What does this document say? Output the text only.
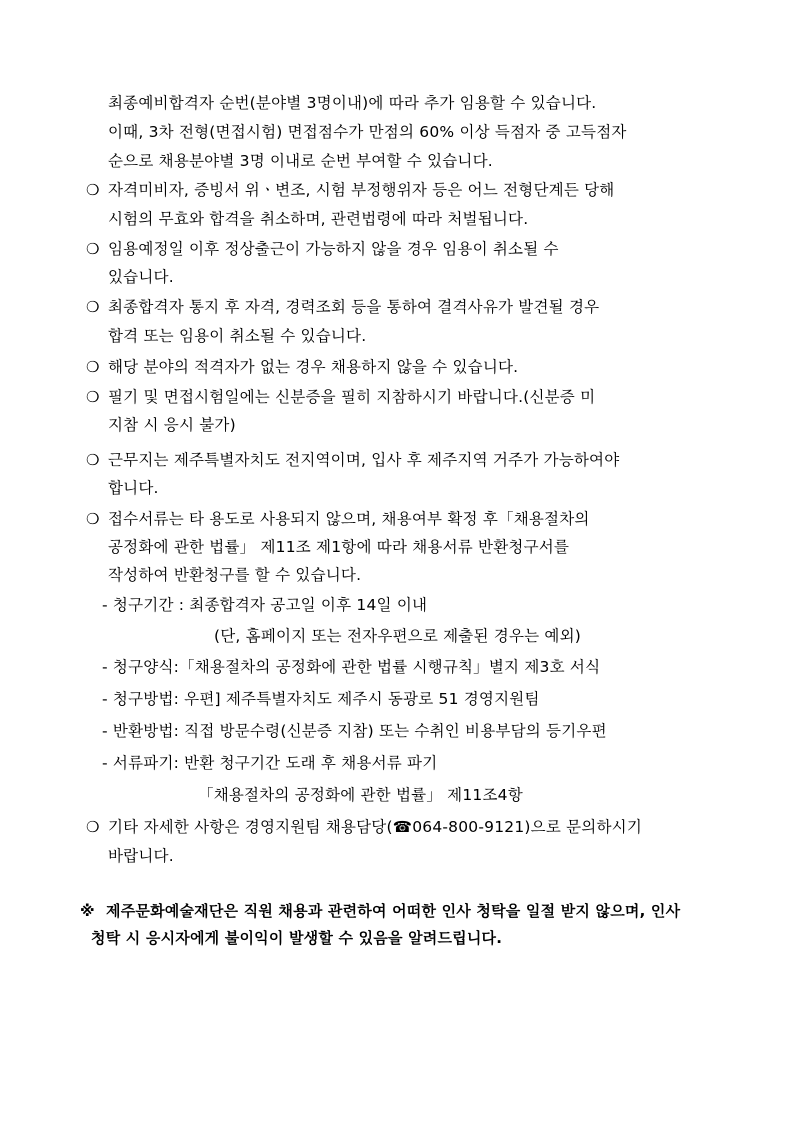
최종예비합격자 순번(분야별 3명이내)에 따라 추가 임용할 수 있습니다.
이때, 3차 전형(면접시험) 면접점수가 만점의 60% 이상 득점자 중 고득점자
순으로 채용분야별 3명 이내로 순번 부여할 수 있습니다.
❍ 자격미비자, 증빙서 위ㆍ변조, 시험 부정행위자 등은 어느 전형단계든 당해
시험의 무효와 합격을 취소하며, 관련법령에 따라 처벌됩니다.
❍ 임용예정일 이후 정상출근이 가능하지 않을 경우 임용이 취소될 수
있습니다.
❍ 최종합격자 통지 후 자격, 경력조회 등을 통하여 결격사유가 발견될 경우
합격 또는 임용이 취소될 수 있습니다.
❍ 해당 분야의 적격자가 없는 경우 채용하지 않을 수 있습니다.
❍ 필기 및 면접시험일에는 신분증을 필히 지참하시기 바랍니다.(신분증 미
지참 시 응시 불가)
❍ 근무지는 제주특별자치도 전지역이며, 입사 후 제주지역 거주가 가능하여야
합니다.
❍ 접수서류는 타 용도로 사용되지 않으며, 채용여부 확정 후「채용절차의
공정화에 관한 법률」 제11조 제1항에 따라 채용서류 반환청구서를
작성하여 반환청구를 할 수 있습니다.
- 청구기간 : 최종합격자 공고일 이후 14일 이내
(단, 홈페이지 또는 전자우편으로 제출된 경우는 예외)
- 청구양식:「채용절차의 공정화에 관한 법률 시행규칙」별지 제3호 서식
- 청구방법: 우편] 제주특별자치도 제주시 동광로 51 경영지원팀
- 반환방법: 직접 방문수령(신분증 지참) 또는 수취인 비용부담의 등기우편
- 서류파기: 반환 청구기간 도래 후 채용서류 파기
「채용절차의 공정화에 관한 법률」 제11조4항
❍ 기타 자세한 사항은 경영지원팀 채용담당(☎064-800-9121)으로 문의하시기
바랍니다.
※ 제주문화예술재단은 직원 채용과 관련하여 어떠한 인사 청탁을 일절 받지 않으며, 인사
청탁 시 응시자에게 불이익이 발생할 수 있음을 알려드립니다.
